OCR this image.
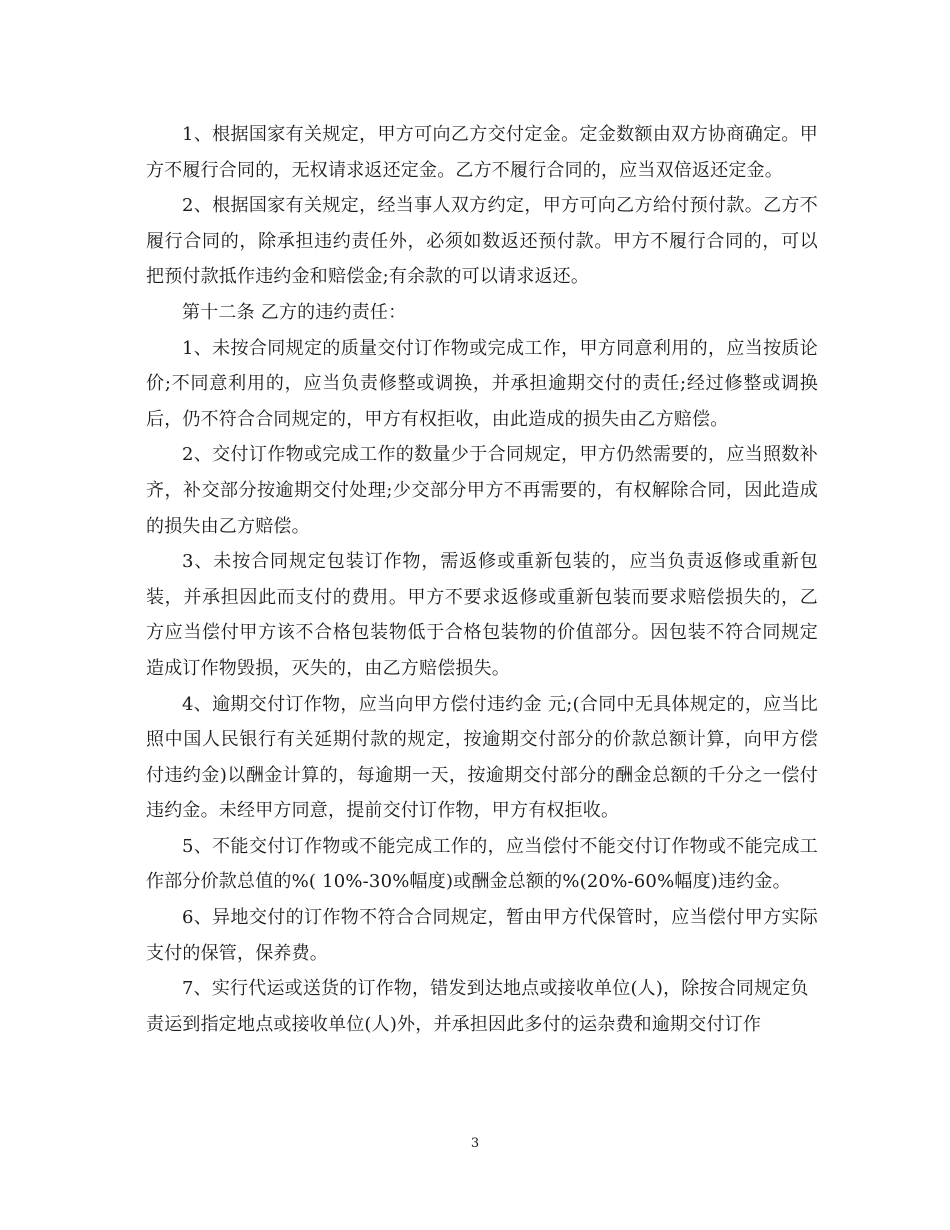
1、根据国家有关规定，甲方可向乙方交付定金。定金数额由双方协商确定。甲方不履行合同的，无权请求返还定金。乙方不履行合同的，应当双倍返还定金。

2、根据国家有关规定，经当事人双方约定，甲方可向乙方给付预付款。乙方不履行合同的，除承担违约责任外，必须如数返还预付款。甲方不履行合同的，可以把预付款抵作违约金和赔偿金;有余款的可以请求返还。

第十二条 乙方的违约责任：

1、未按合同规定的质量交付订作物或完成工作，甲方同意利用的，应当按质论价;不同意利用的，应当负责修整或调换，并承担逾期交付的责任;经过修整或调换后，仍不符合合同规定的，甲方有权拒收，由此造成的损失由乙方赔偿。

2、交付订作物或完成工作的数量少于合同规定，甲方仍然需要的，应当照数补齐，补交部分按逾期交付处理;少交部分甲方不再需要的，有权解除合同，因此造成的损失由乙方赔偿。

3、未按合同规定包装订作物，需返修或重新包装的，应当负责返修或重新包装，并承担因此而支付的费用。甲方不要求返修或重新包装而要求赔偿损失的，乙方应当偿付甲方该不合格包装物低于合格包装物的价值部分。因包装不符合同规定造成订作物毁损，灭失的，由乙方赔偿损失。

4、逾期交付订作物，应当向甲方偿付违约金 元;(合同中无具体规定的，应当比照中国人民银行有关延期付款的规定，按逾期交付部分的价款总额计算，向甲方偿付违约金)以酬金计算的，每逾期一天，按逾期交付部分的酬金总额的千分之一偿付违约金。未经甲方同意，提前交付订作物，甲方有权拒收。

5、不能交付订作物或不能完成工作的，应当偿付不能交付订作物或不能完成工作部分价款总值的%( 10%-30%幅度)或酬金总额的%(20%-60%幅度)违约金。

6、异地交付的订作物不符合合同规定，暂由甲方代保管时，应当偿付甲方实际支付的保管，保养费。

7、实行代运或送货的订作物，错发到达地点或接收单位(人)，除按合同规定负责运到指定地点或接收单位(人)外，并承担因此多付的运杂费和逾期交付订作

3
